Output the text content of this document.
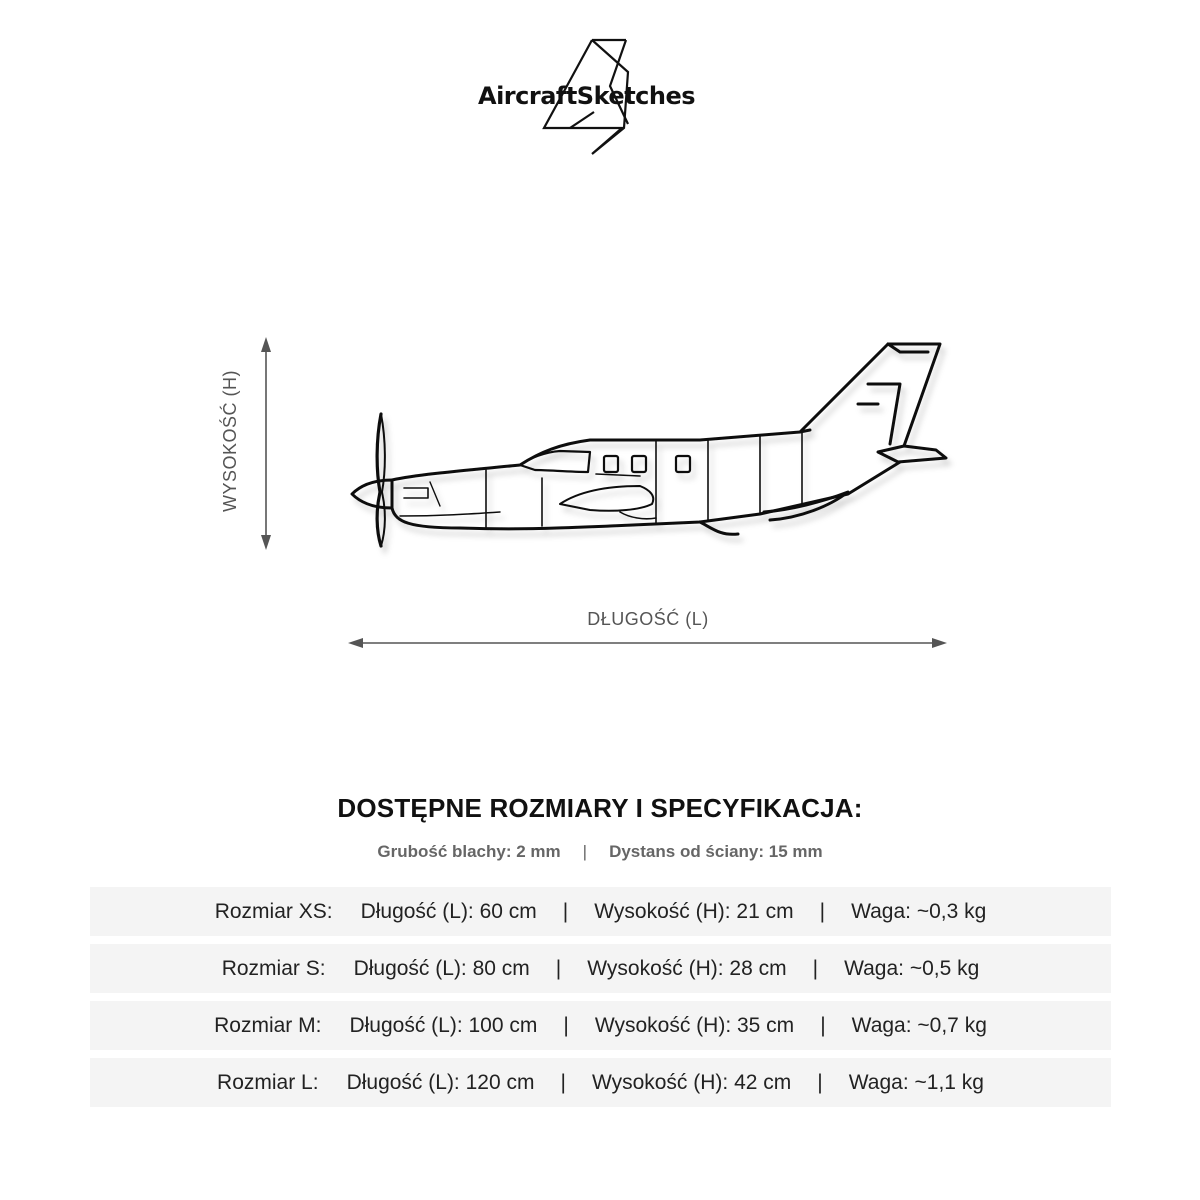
AircraftSketches
WYSOKOŚĆ (H)
DŁUGOŚĆ (L)
DOSTĘPNE ROZMIARY I SPECYFIKACJA:
Grubość blachy: 2 mm | Dystans od ściany: 15 mm
Rozmiar XS: Długość (L): 60 cm | Wysokość (H): 21 cm | Waga: ~0,3 kg
Rozmiar S: Długość (L): 80 cm | Wysokość (H): 28 cm | Waga: ~0,5 kg
Rozmiar M: Długość (L): 100 cm | Wysokość (H): 35 cm | Waga: ~0,7 kg
Rozmiar L: Długość (L): 120 cm | Wysokość (H): 42 cm | Waga: ~1,1 kg
